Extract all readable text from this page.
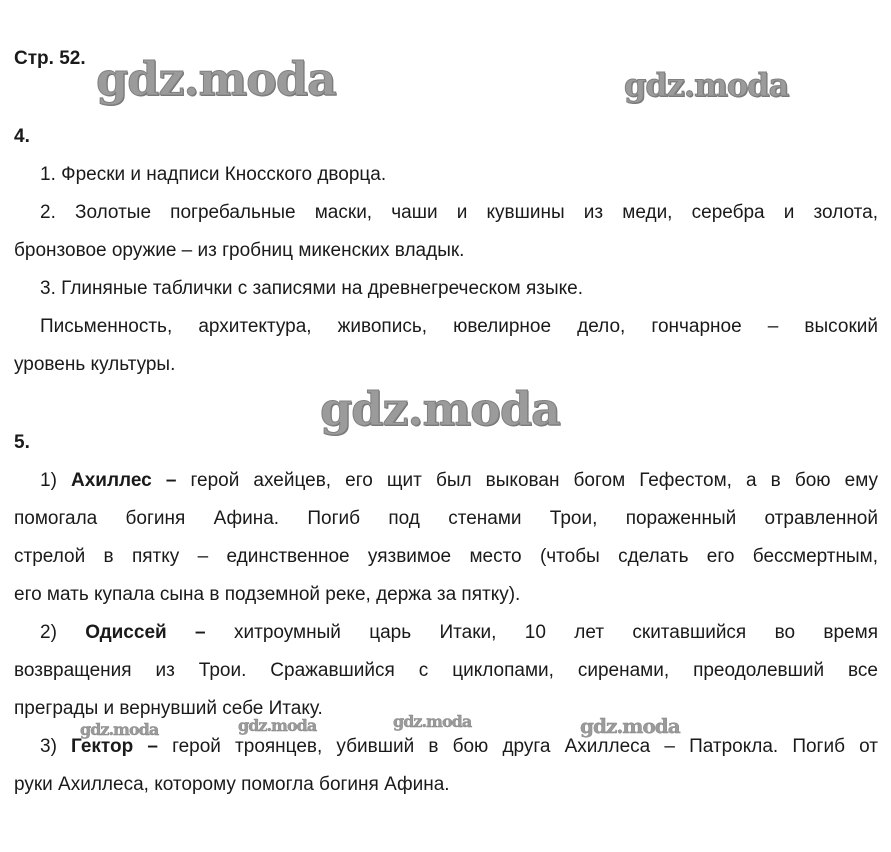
gdz.moda	gdz.moda
gdz.moda
gdz.moda	gdz.moda	gdz.moda	gdz.moda
Стр. 52.
4.
1. Фрески и надписи Кносского дворца.
2. Золотые погребальные маски, чаши и кувшины из меди, серебра и золота,
бронзовое оружие – из гробниц микенских владык.
3. Глиняные таблички с записями на древнегреческом языке.
Письменность, архитектура, живопись, ювелирное дело, гончарное – высокий
уровень культуры.
5.
1) Ахиллес – герой ахейцев, его щит был выкован богом Гефестом, а в бою ему
помогала богиня Афина. Погиб под стенами Трои, пораженный отравленной
стрелой в пятку – единственное уязвимое место (чтобы сделать его бессмертным,
его мать купала сына в подземной реке, держа за пятку).
2) Одиссей – хитроумный царь Итаки, 10 лет скитавшийся во время
возвращения из Трои. Сражавшийся с циклопами, сиренами, преодолевший все
преграды и вернувший себе Итаку.
3) Гектор – герой троянцев, убивший в бою друга Ахиллеса – Патрокла. Погиб от
руки Ахиллеса, которому помогла богиня Афина.
